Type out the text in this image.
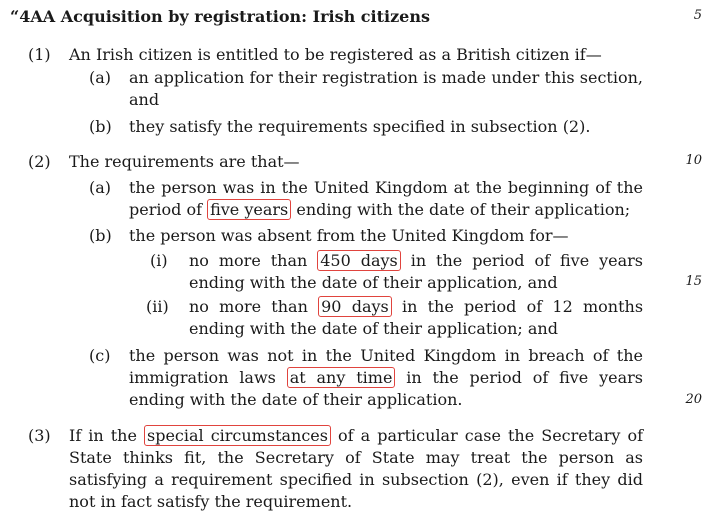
“4AA Acquisition by registration: Irish citizens	5
10
15
20
(1) An Irish citizen is entitled to be registered as a British citizen if—
(a) an application for their registration is made under this section, and
(b) they satisfy the requirements specified in subsection (2).
(2) The requirements are that—
(a) the person was in the United Kingdom at the beginning of the period of five years ending with the date of their application;
(b) the person was absent from the United Kingdom for—
(i) no more than 450 days in the period of five years ending with the date of their application, and
(ii) no more than 90 days in the period of 12 months ending with the date of their application; and
(c) the person was not in the United Kingdom in breach of the immigration laws at any time in the period of five years ending with the date of their application.
(3) If in the special circumstances of a particular case the Secretary of State thinks fit, the Secretary of State may treat the person as satisfying a requirement specified in subsection (2), even if they did not in fact satisfy the requirement.
